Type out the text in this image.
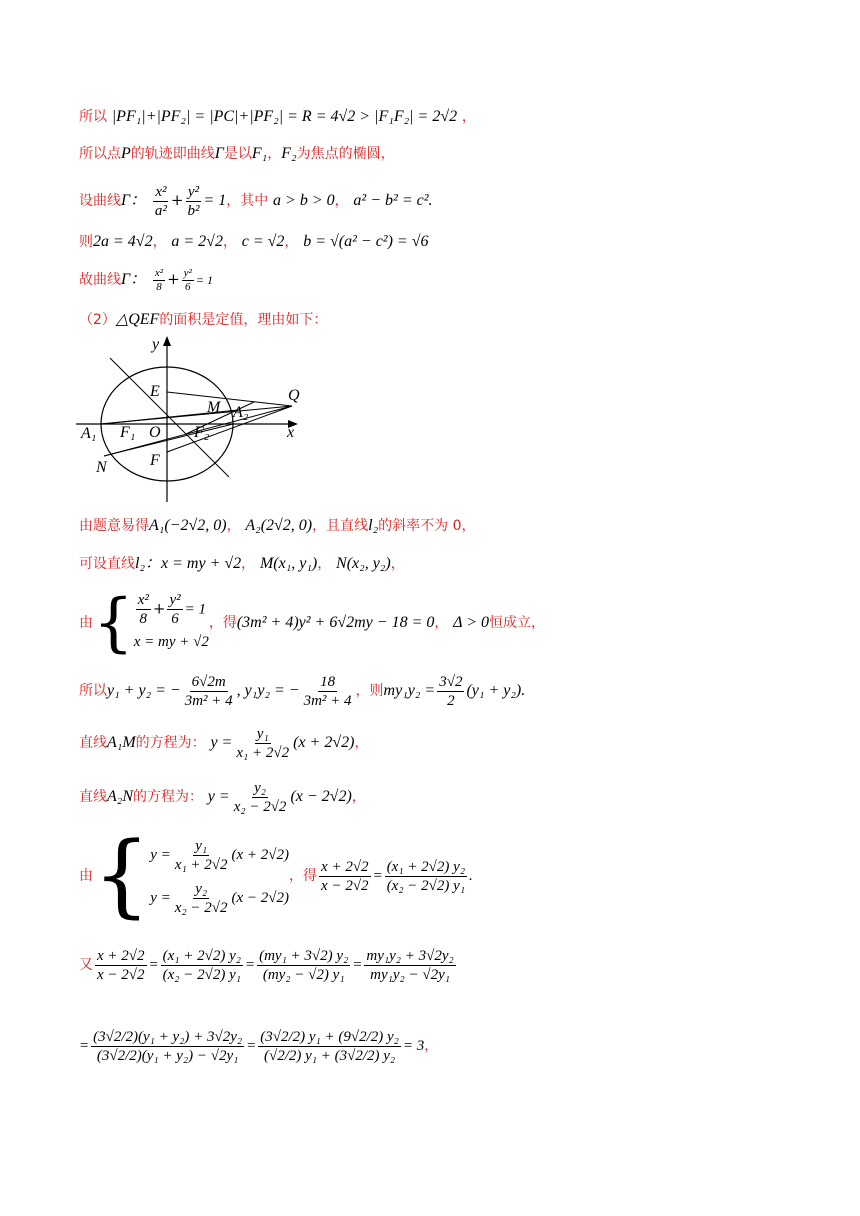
所以 |PF₁|+|PF₂| = |PC|+|PF₂| = R = 4√2 > |F₁F₂| = 2√2 ，
所以点P的轨迹即曲线Γ是以F₁，F₂为焦点的椭圆，
设曲线Γ： $\frac{\text{x²}}{\text{a²}} + \frac{\text{y²}}{\text{b²}} = 1$，其中 a > b > 0， a² − b² = c².
则2a = 4√2， a = 2√2， c = √2， b = √(a² − c²) = √6
故曲线Γ： $\frac{\text{x²}}{8} + \frac{\text{y²}}{6} = 1$
（2）△QEF的面积是定值，理由如下：
y
E
M A₂
Q
A₁ F₁ O F₂	x
N	F
由题意易得A₁(−2√2, 0)， A₂(2√2, 0)，且直线l₂的斜率不为 0，
可设直线l₂：x = my + √2， M(x₁, y₁)， N(x₂, y₂)，
由{ $\frac{\text{x²}}{8} + \frac{\text{y²}}{6} = 1$
x = my + √2
，得(3m² + 4)y² + 6√2my − 18 = 0， Δ > 0恒成立，
所以y₁ + y₂ = − $\frac{6√2m}{\text{3m² + 4}}$ , y₁y₂ = − $\frac{18}{\text{3m² + 4}}$ ，则$my_1y_2 = \frac{3√2}{2} (y_1 + y_2)$.
直线A₁M的方程为： $y = \frac{\text{y₁}}{\text{x₁ + 2√2}} (x + 2√2)$，
直线A₂N的方程为： $y = \frac{\text{y₂}}{\text{x₂ − 2√2}} (x - 2√2)$，
由{ $y = \frac{\text{y₁}}{\text{x₁ + 2√2}} (x + 2√2)$
$y = \frac{\text{y₂}}{\text{x₂ − 2√2}} (x - 2√2)$
，得 $\frac{x + 2√2}{x - 2√2} = \frac{\text{(x₁ + 2√2) y₂}}{\text{(x₂ − 2√2) y₁}}$ .
又 $\frac{x + 2√2}{x - 2√2} = \frac{\text{(x₁ + 2√2) y₂}}{\text{(x₂ − 2√2) y₁}} = \frac{\text{(my₁ + 3√2) y₂}}{\text{(my₂ − √2) y₁}} = \frac{\text{my₁y₂ + 3√2y₂}}{\text{my₁y₂ − √2y₁}}$
= $\frac{\text{(3√2/2)(y₁ + y₂) + 3√2y₂}}{\text{(3√2/2)(y₁ + y₂) − √2y₁}} = \frac{\text{(3√2/2) y₁ + (9√2/2) y₂}}{\text{(√2/2) y₁ + (3√2/2) y₂}} = 3$，
